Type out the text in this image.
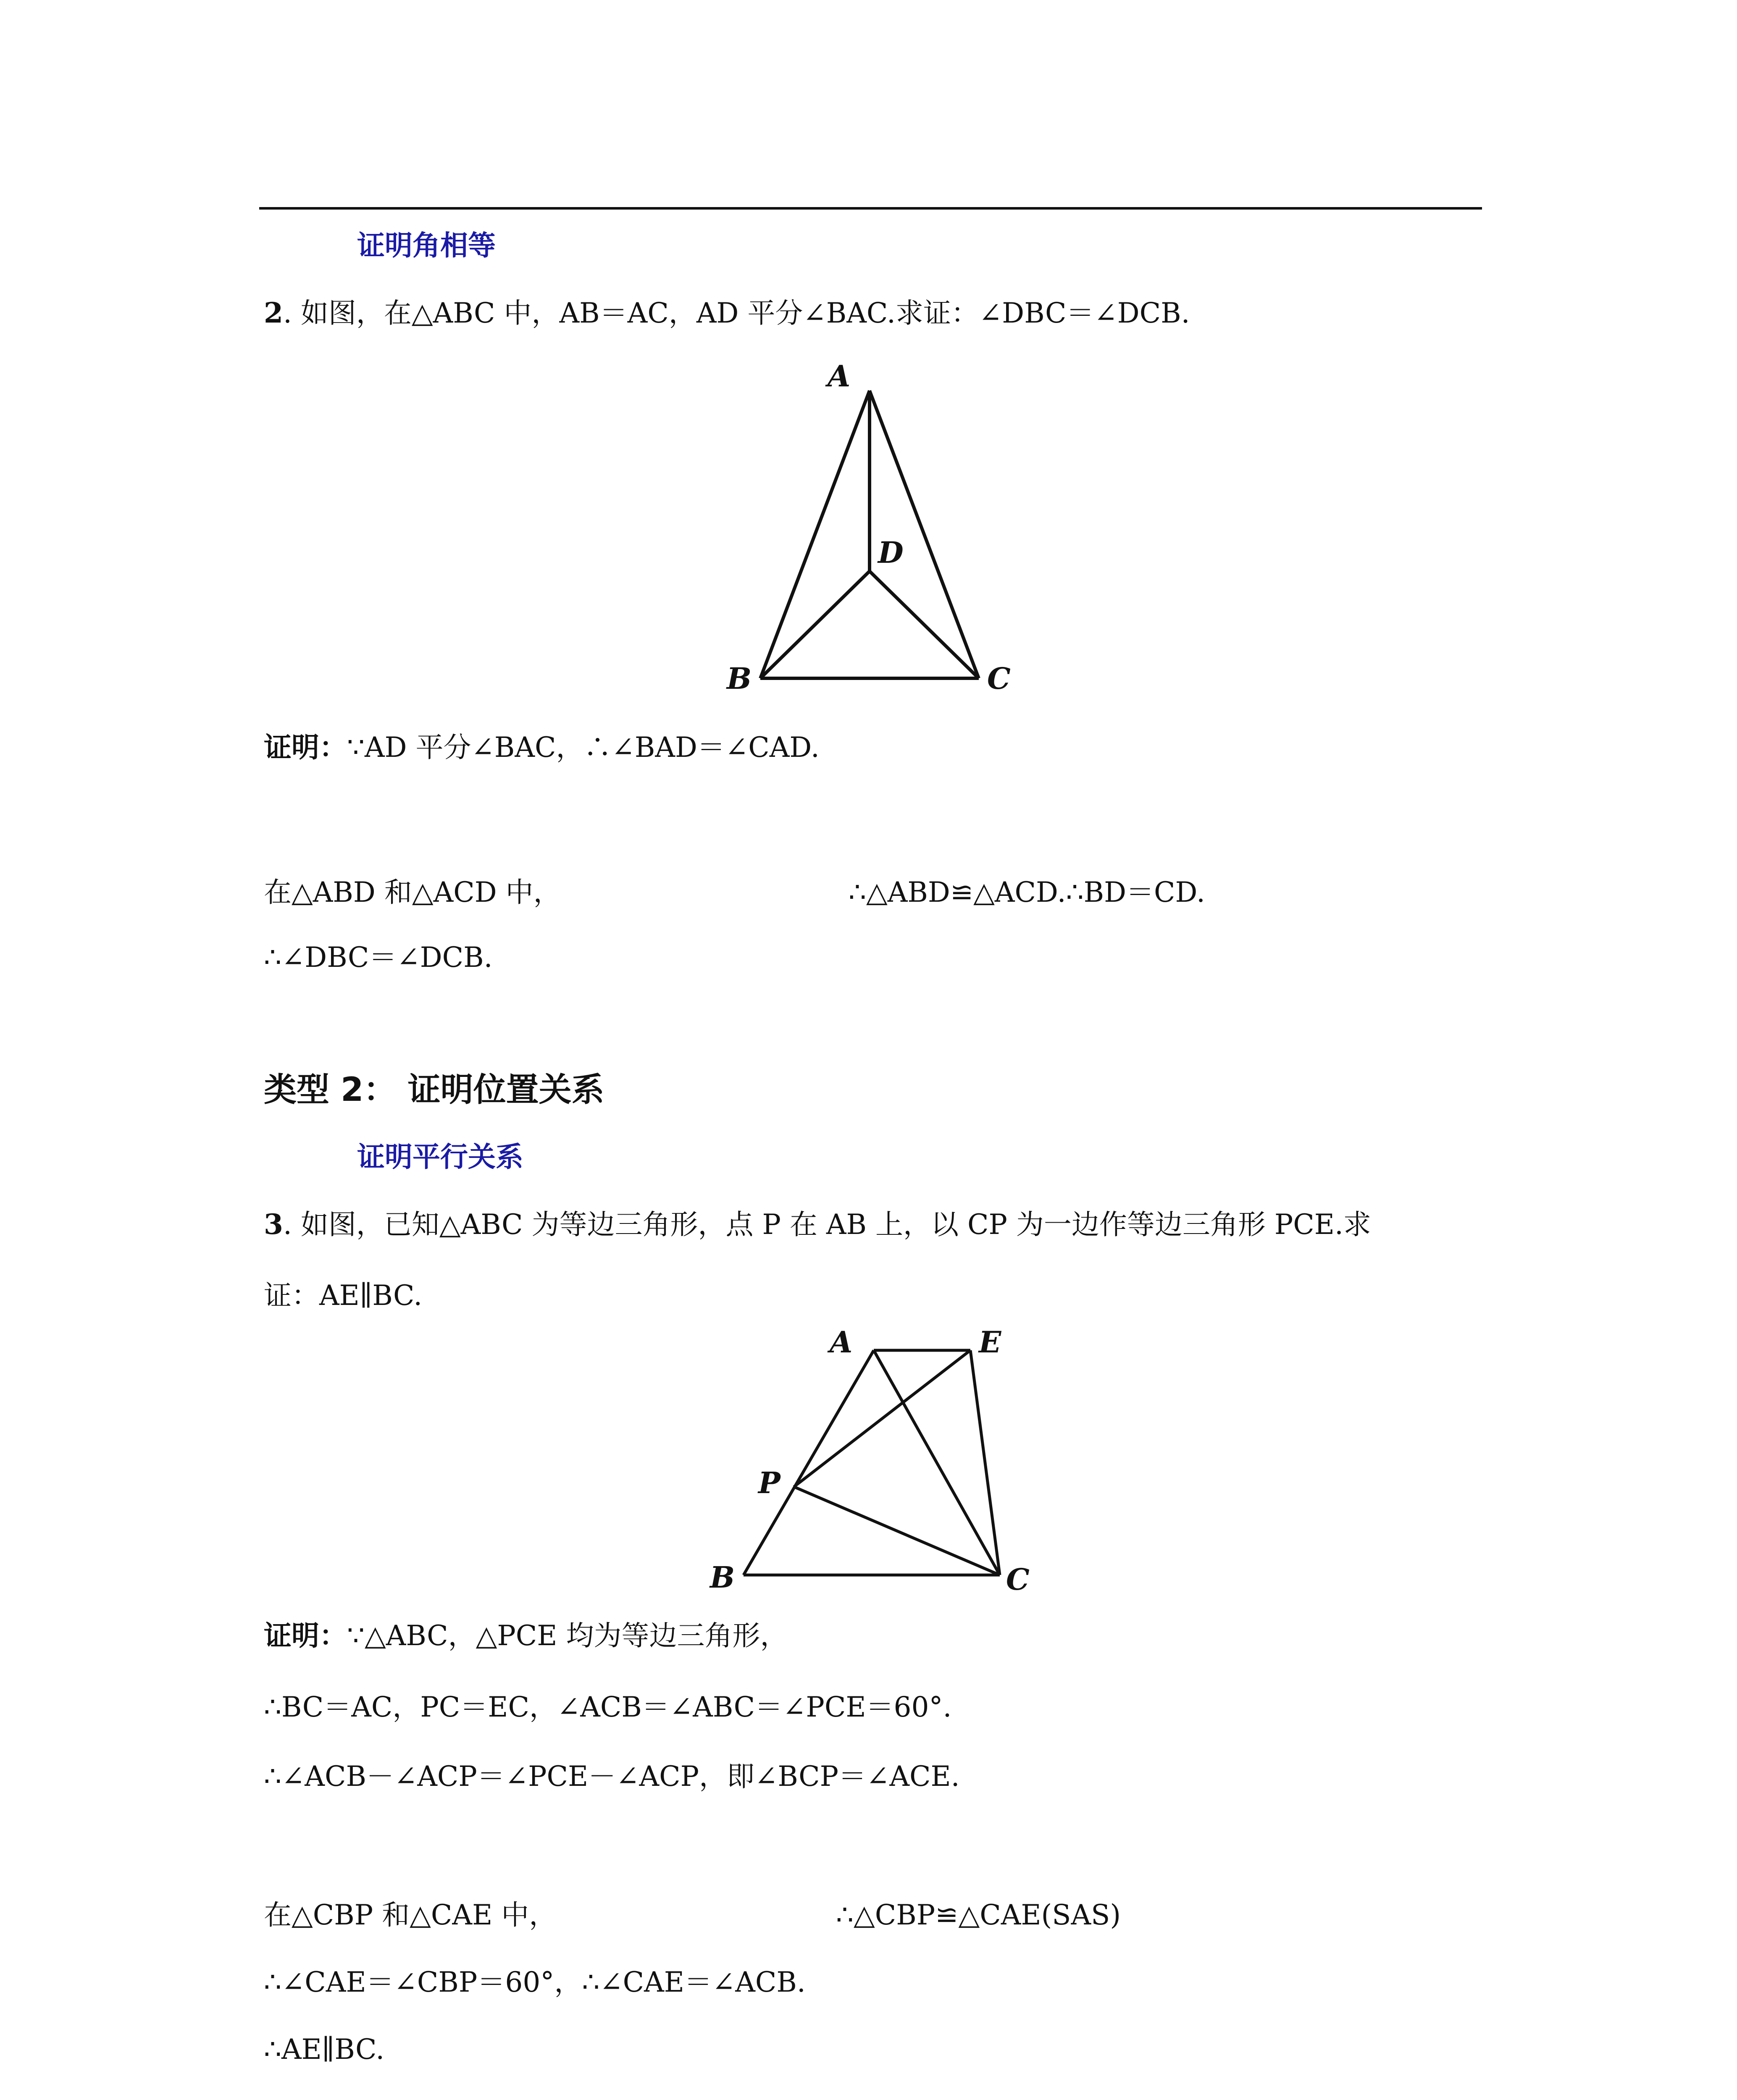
证明角相等
2. 如图，在△ABC 中，AB＝AC，AD 平分∠BAC.求证：∠DBC＝∠DCB.
A
D
B	C
证明：∵AD 平分∠BAC，∴∠BAD＝∠CAD.
在△ABD 和△ACD 中，	∴△ABD≌△ACD.∴BD＝CD.
∴∠DBC＝∠DCB.
类型 2： 证明位置关系
证明平行关系
3. 如图，已知△ABC 为等边三角形，点 P 在 AB 上，以 CP 为一边作等边三角形 PCE.求
证：AE∥BC.
A	E
P
B	C
证明：∵△ABC，△PCE 均为等边三角形，
∴BC＝AC，PC＝EC，∠ACB＝∠ABC＝∠PCE＝60°.
∴∠ACB－∠ACP＝∠PCE－∠ACP，即∠BCP＝∠ACE.
在△CBP 和△CAE 中，	∴△CBP≌△CAE(SAS)
∴∠CAE＝∠CBP＝60°，∴∠CAE＝∠ACB.
∴AE∥BC.
